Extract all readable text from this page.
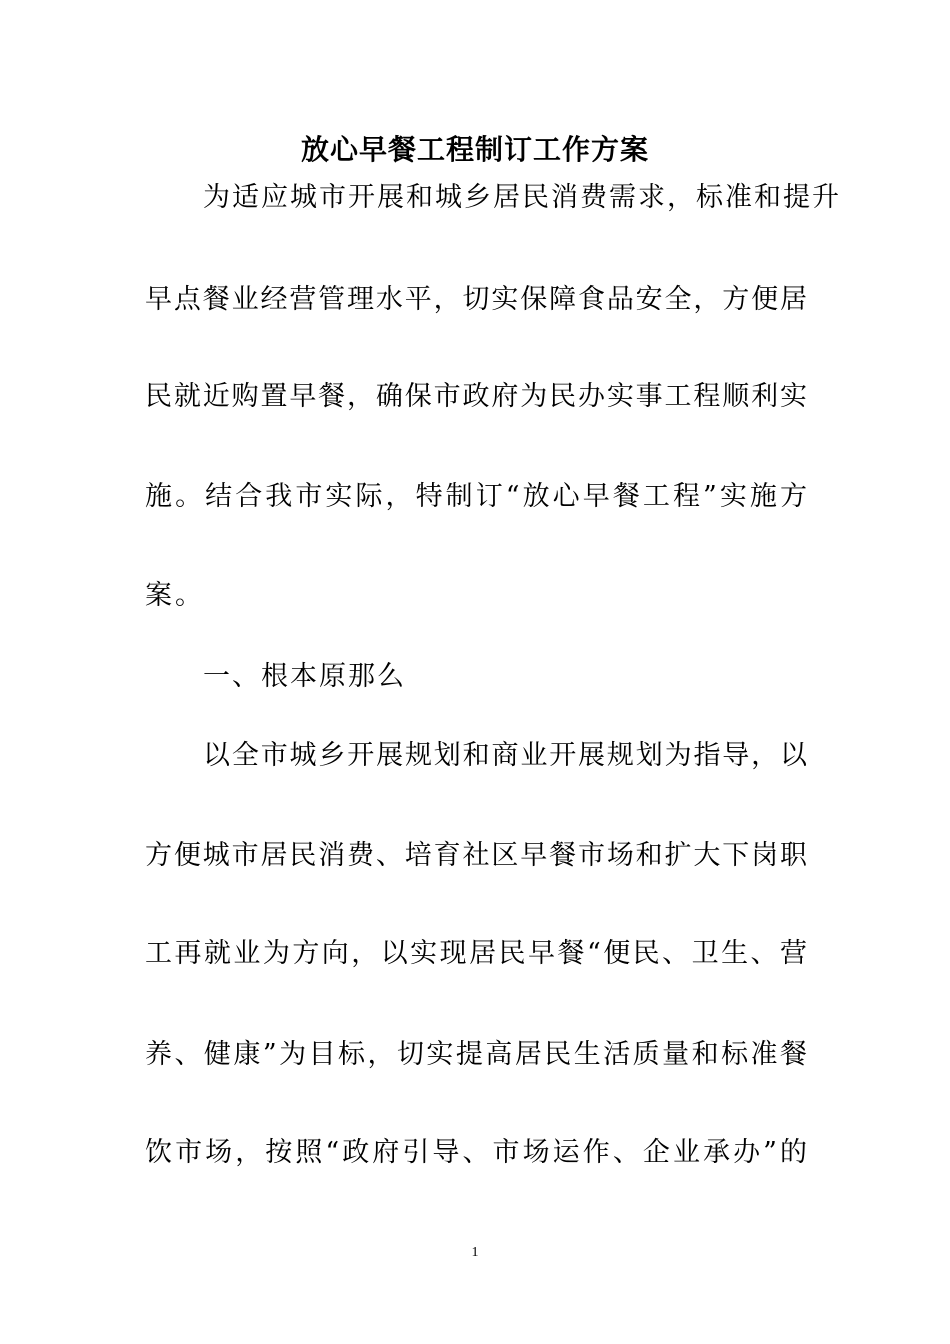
放心早餐工程制订工作方案
为适应城市开展和城乡居民消费需求，标准和提升
早点餐业经营管理水平，切实保障食品安全，方便居
民就近购置早餐，确保市政府为民办实事工程顺利实
施。结合我市实际，特制订“放心早餐工程”实施方
案。
一、根本原那么
以全市城乡开展规划和商业开展规划为指导，以
方便城市居民消费、培育社区早餐市场和扩大下岗职
工再就业为方向，以实现居民早餐“便民、卫生、营
养、健康”为目标，切实提高居民生活质量和标准餐
饮市场，按照“政府引导、市场运作、企业承办”的
1
